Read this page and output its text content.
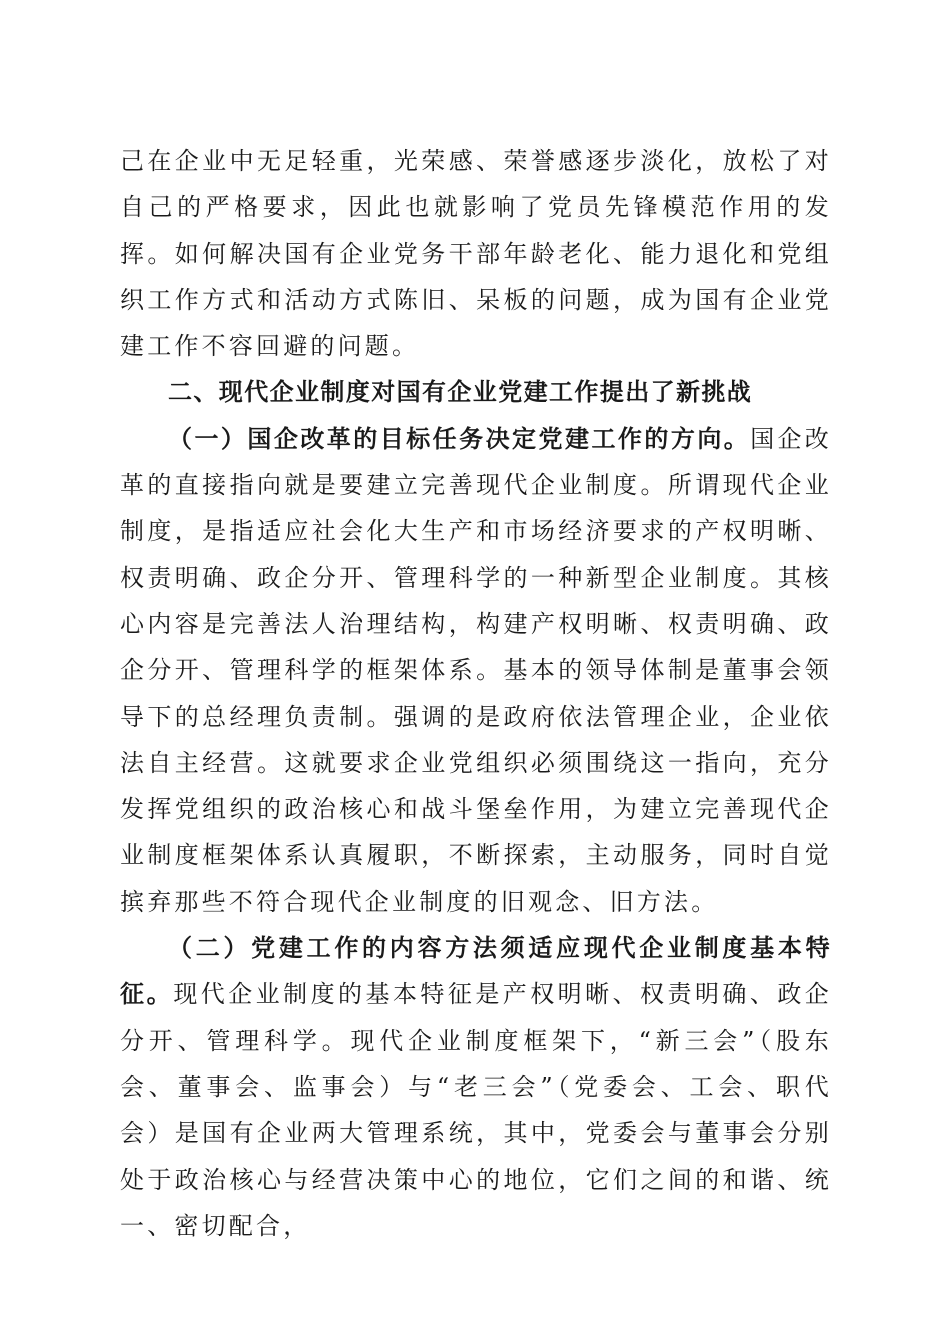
己在企业中无足轻重，光荣感、荣誉感逐步淡化，放松了对自己的严格要求，因此也就影响了党员先锋模范作用的发挥。如何解决国有企业党务干部年龄老化、能力退化和党组织工作方式和活动方式陈旧、呆板的问题，成为国有企业党建工作不容回避的问题。

二、现代企业制度对国有企业党建工作提出了新挑战

（一）国企改革的目标任务决定党建工作的方向。国企改革的直接指向就是要建立完善现代企业制度。所谓现代企业制度，是指适应社会化大生产和市场经济要求的产权明晰、权责明确、政企分开、管理科学的一种新型企业制度。其核心内容是完善法人治理结构，构建产权明晰、权责明确、政企分开、管理科学的框架体系。基本的领导体制是董事会领导下的总经理负责制。强调的是政府依法管理企业，企业依法自主经营。这就要求企业党组织必须围绕这一指向，充分发挥党组织的政治核心和战斗堡垒作用，为建立完善现代企业制度框架体系认真履职，不断探索，主动服务，同时自觉摈弃那些不符合现代企业制度的旧观念、旧方法。

（二）党建工作的内容方法须适应现代企业制度基本特征。现代企业制度的基本特征是产权明晰、权责明确、政企分开、管理科学。现代企业制度框架下，“新三会”（股东会、董事会、监事会）与“老三会”（党委会、工会、职代会）是国有企业两大管理系统，其中，党委会与董事会分别处于政治核心与经营决策中心的地位，它们之间的和谐、统一、密切配合，
